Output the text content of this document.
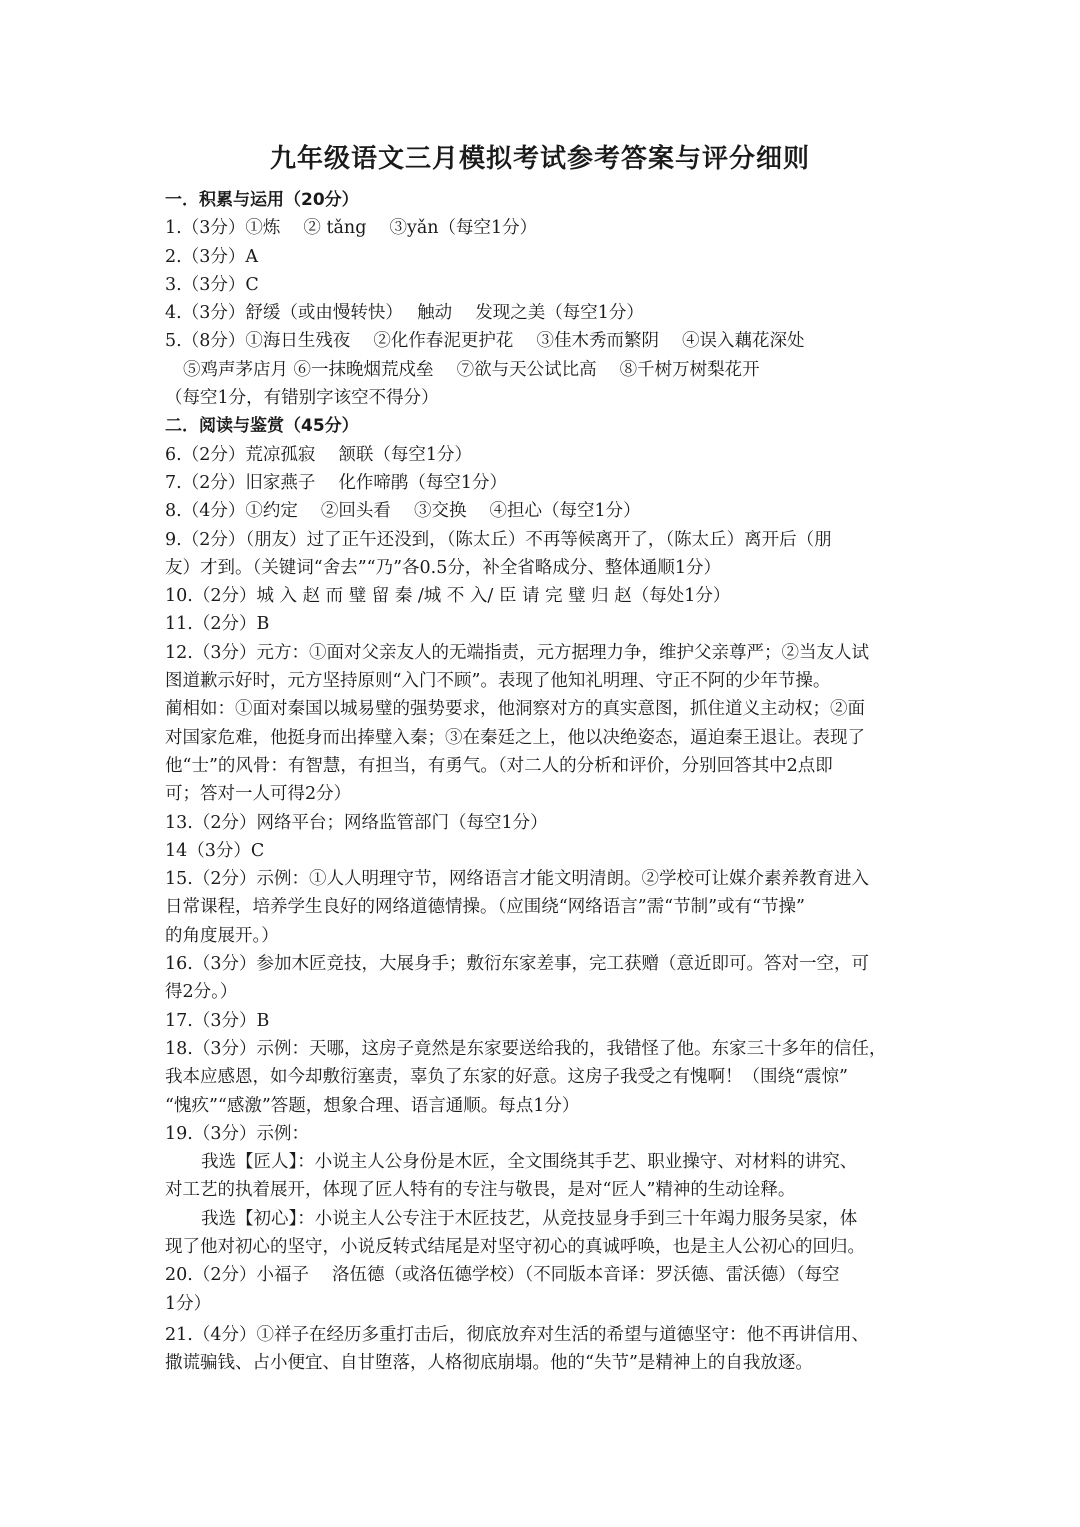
九年级语文三月模拟考试参考答案与评分细则
一．积累与运用（20分）
1.（3分）①炼　 ② tǎng　 ③yǎn（每空1分）
2.（3分）A
3.（3分）C
4.（3分）舒缓（或由慢转快）　 触动　 发现之美（每空1分）
5.（8分）①海日生残夜　 ②化作春泥更护花　 ③佳木秀而繁阴　 ④误入藕花深处
⑤鸡声茅店月 ⑥一抹晚烟荒戍垒　 ⑦欲与天公试比高　 ⑧千树万树梨花开
（每空1分，有错别字该空不得分）
二．阅读与鉴赏（45分）
6.（2分）荒凉孤寂　 颔联（每空1分）
7.（2分）旧家燕子　 化作啼鹃（每空1分）
8.（4分）①约定　 ②回头看　 ③交换　 ④担心（每空1分）
9.（2分）（朋友）过了正午还没到，（陈太丘）不再等候离开了，（陈太丘）离开后（朋
友）才到。（关键词“舍去”“乃”各0.5分，补全省略成分、整体通顺1分）
10.（2分）城 入 赵 而 璧 留 秦 /城 不 入/ 臣 请 完 璧 归 赵（每处1分）
11.（2分）B
12.（3分）元方：①面对父亲友人的无端指责，元方据理力争，维护父亲尊严；②当友人试
图道歉示好时，元方坚持原则“入门不顾”。表现了他知礼明理、守正不阿的少年节操。
蔺相如：①面对秦国以城易璧的强势要求，他洞察对方的真实意图，抓住道义主动权；②面
对国家危难，他挺身而出捧璧入秦；③在秦廷之上，他以决绝姿态，逼迫秦王退让。表现了
他“士”的风骨：有智慧，有担当，有勇气。（对二人的分析和评价，分别回答其中2点即
可；答对一人可得2分）
13.（2分）网络平台；网络监管部门（每空1分）
14（3分）C
15.（2分）示例：①人人明理守节，网络语言才能文明清朗。②学校可让媒介素养教育进入
日常课程，培养学生良好的网络道德情操。（应围绕“网络语言”需“节制”或有“节操”
的角度展开。）
16.（3分）参加木匠竞技，大展身手；敷衍东家差事，完工获赠（意近即可。答对一空，可
得2分。）
17.（3分）B
18.（3分）示例：天哪，这房子竟然是东家要送给我的，我错怪了他。东家三十多年的信任，
我本应感恩，如今却敷衍塞责，辜负了东家的好意。这房子我受之有愧啊！（围绕“震惊”
“愧疚”“感激”答题，想象合理、语言通顺。每点1分）
19.（3分）示例：
我选【匠人】：小说主人公身份是木匠，全文围绕其手艺、职业操守、对材料的讲究、
对工艺的执着展开，体现了匠人特有的专注与敬畏，是对“匠人”精神的生动诠释。
我选【初心】：小说主人公专注于木匠技艺，从竞技显身手到三十年竭力服务吴家，体
现了他对初心的坚守，小说反转式结尾是对坚守初心的真诚呼唤，也是主人公初心的回归。
20.（2分）小福子　 洛伍德（或洛伍德学校）（不同版本音译：罗沃德、雷沃德）（每空
1分）
21.（4分）①祥子在经历多重打击后，彻底放弃对生活的希望与道德坚守：他不再讲信用、
撒谎骗钱、占小便宜、自甘堕落，人格彻底崩塌。他的“失节”是精神上的自我放逐。
